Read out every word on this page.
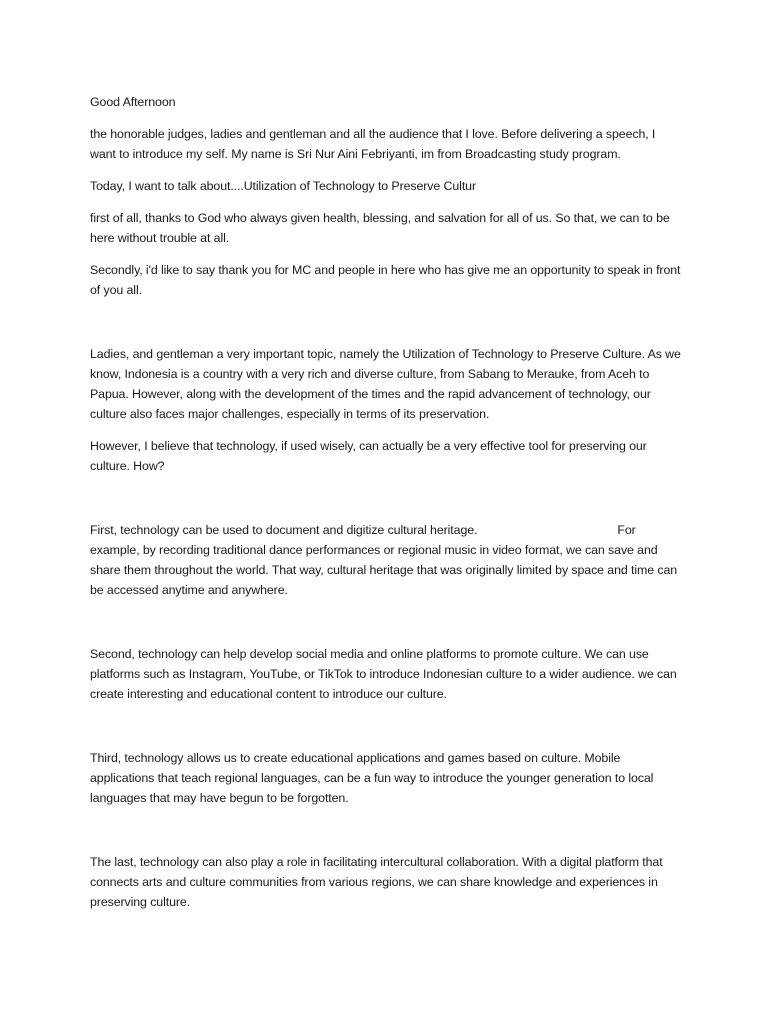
Good Afternoon

the honorable judges, ladies and gentleman and all the audience that I love. Before delivering a speech, I want to introduce my self. My name is Sri Nur Aini Febriyanti, im from Broadcasting study program.

Today, I want to talk about....Utilization of Technology to Preserve Cultur

first of all, thanks to God who always given health, blessing, and salvation for all of us. So that, we can to be here without trouble at all.

Secondly, i'd like to say thank you for MC and people in here who has give me an opportunity to speak in front of you all.

Ladies, and gentleman a very important topic, namely the Utilization of Technology to Preserve Culture. As we know, Indonesia is a country with a very rich and diverse culture, from Sabang to Merauke, from Aceh to Papua. However, along with the development of the times and the rapid advancement of technology, our culture also faces major challenges, especially in terms of its preservation.

However, I believe that technology, if used wisely, can actually be a very effective tool for preserving our culture. How?

First, technology can be used to document and digitize cultural heritage.	For example, by recording traditional dance performances or regional music in video format, we can save and share them throughout the world. That way, cultural heritage that was originally limited by space and time can be accessed anytime and anywhere.

Second, technology can help develop social media and online platforms to promote culture. We can use platforms such as Instagram, YouTube, or TikTok to introduce Indonesian culture to a wider audience. we can create interesting and educational content to introduce our culture.

Third, technology allows us to create educational applications and games based on culture. Mobile applications that teach regional languages, can be a fun way to introduce the younger generation to local languages that may have begun to be forgotten.

The last, technology can also play a role in facilitating intercultural collaboration. With a digital platform that connects arts and culture communities from various regions, we can share knowledge and experiences in preserving culture.
